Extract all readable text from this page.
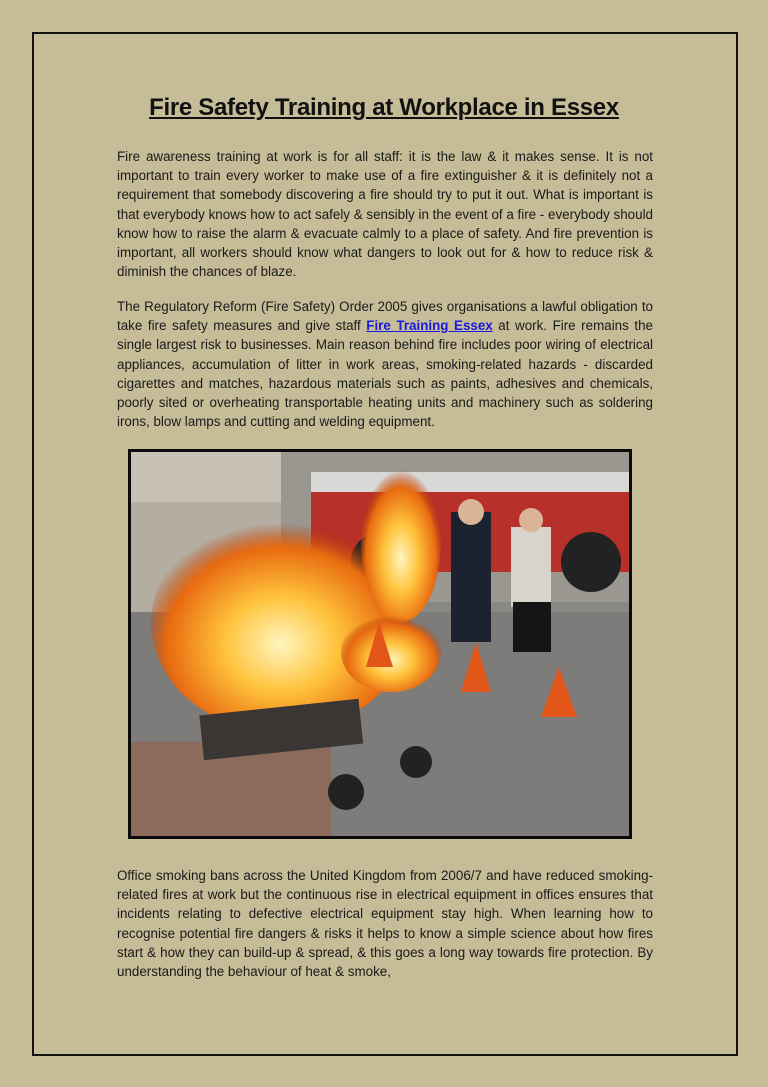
Fire Safety Training at Workplace in Essex
Fire awareness training at work is for all staff: it is the law & it makes sense. It is not important to train every worker to make use of a fire extinguisher & it is definitely not a requirement that somebody discovering a fire should try to put it out. What is important is that everybody knows how to act safely & sensibly in the event of a fire - everybody should know how to raise the alarm & evacuate calmly to a place of safety. And fire prevention is important, all workers should know what dangers to look out for & how to reduce risk & diminish the chances of blaze.
The Regulatory Reform (Fire Safety) Order 2005 gives organisations a lawful obligation to take fire safety measures and give staff Fire Training Essex at work. Fire remains the single largest risk to businesses. Main reason behind fire includes poor wiring of electrical appliances, accumulation of litter in work areas, smoking-related hazards - discarded cigarettes and matches, hazardous materials such as paints, adhesives and chemicals, poorly sited or overheating transportable heating units and machinery such as soldering irons, blow lamps and cutting and welding equipment.
Office smoking bans across the United Kingdom from 2006/7 and have reduced smoking-related fires at work but the continuous rise in electrical equipment in offices ensures that incidents relating to defective electrical equipment stay high. When learning how to recognise potential fire dangers & risks it helps to know a simple science about how fires start & how they can build-up & spread, & this goes a long way towards fire protection. By understanding the behaviour of heat & smoke,
